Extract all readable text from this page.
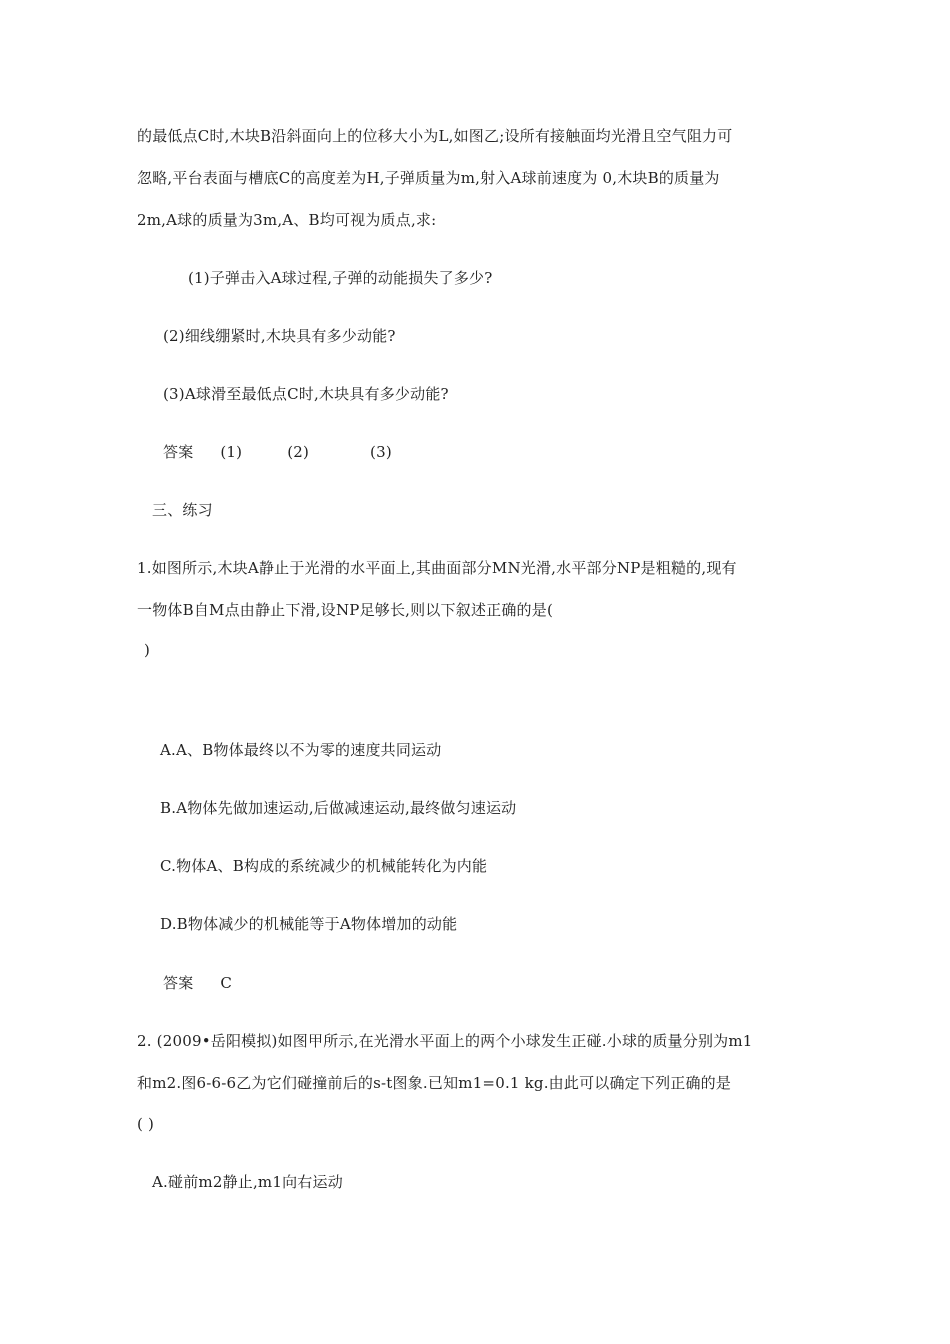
的最低点C时,木块B沿斜面向上的位移大小为L,如图乙;设所有接触面均光滑且空气阻力可
忽略,平台表面与槽底C的高度差为H,子弹质量为m,射入A球前速度为 0,木块B的质量为
2m,A球的质量为3m,A、B均可视为质点,求:
(1)子弹击入A球过程,子弹的动能损失了多少?
(2)细线绷紧时,木块具有多少动能?
(3)A球滑至最低点C时,木块具有多少动能?
答案 (1)	(2)	(3)
三、练习
1.如图所示,木块A静止于光滑的水平面上,其曲面部分MN光滑,水平部分NP是粗糙的,现有
一物体B自M点由静止下滑,设NP足够长,则以下叙述正确的是(
)
A.A、B物体最终以不为零的速度共同运动
B.A物体先做加速运动,后做减速运动,最终做匀速运动
C.物体A、B构成的系统减少的机械能转化为内能
D.B物体减少的机械能等于A物体增加的动能
答案 C
2. (2009•岳阳模拟)如图甲所示,在光滑水平面上的两个小球发生正碰.小球的质量分别为m1
和m2.图6-6-6乙为它们碰撞前后的s-t图象.已知m1=0.1 kg.由此可以确定下列正确的是
( )
A.碰前m2静止,m1向右运动
